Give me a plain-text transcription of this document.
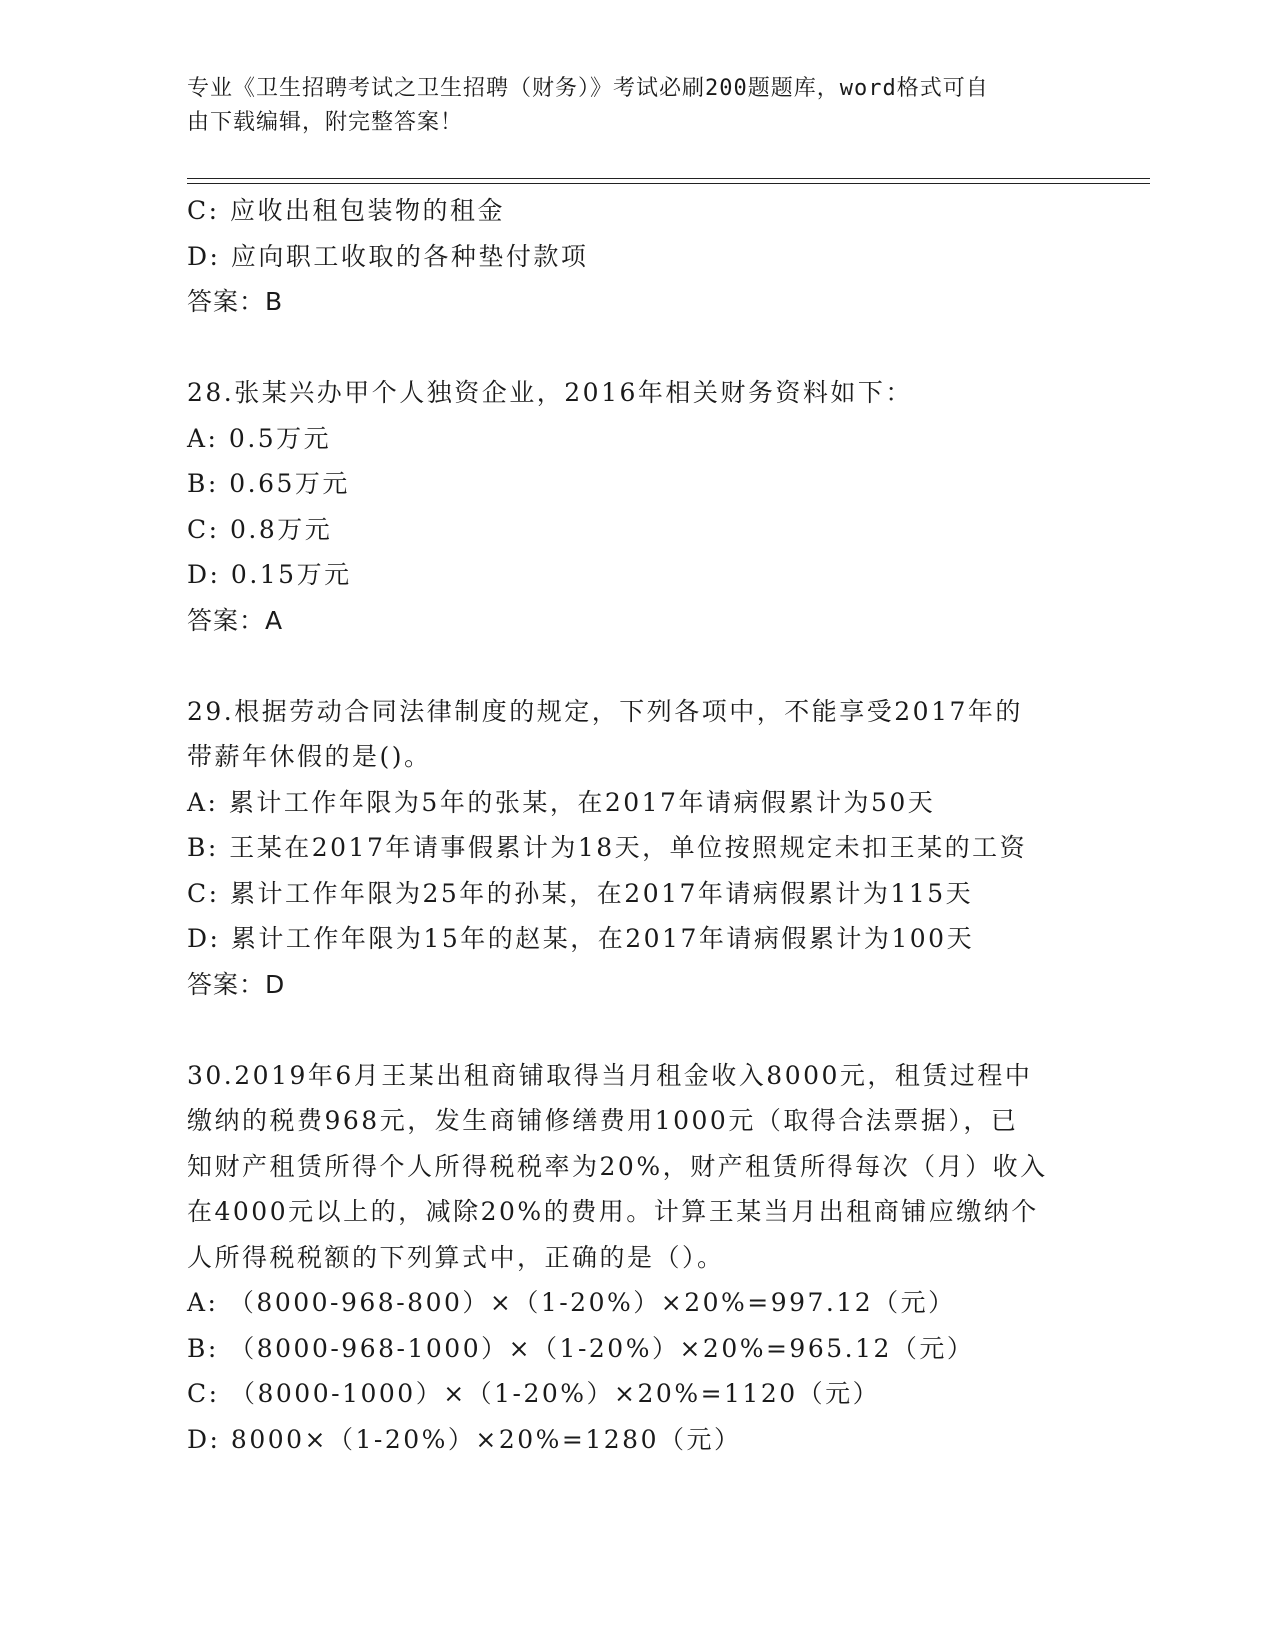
专业《卫生招聘考试之卫生招聘（财务）》考试必刷200题题库，word格式可自
由下载编辑，附完整答案！
C: 应收出租包装物的租金
D: 应向职工收取的各种垫付款项
答案：B
28.张某兴办甲个人独资企业，2016年相关财务资料如下：
A: 0.5万元
B: 0.65万元
C: 0.8万元
D: 0.15万元
答案：A
29.根据劳动合同法律制度的规定，下列各项中，不能享受2017年的
带薪年休假的是()。
A: 累计工作年限为5年的张某，在2017年请病假累计为50天
B: 王某在2017年请事假累计为18天，单位按照规定未扣王某的工资
C: 累计工作年限为25年的孙某，在2017年请病假累计为115天
D: 累计工作年限为15年的赵某，在2017年请病假累计为100天
答案：D
30.2019年6月王某出租商铺取得当月租金收入8000元，租赁过程中
缴纳的税费968元，发生商铺修缮费用1000元（取得合法票据），已
知财产租赁所得个人所得税税率为20%，财产租赁所得每次（月）收入
在4000元以上的，减除20%的费用。计算王某当月出租商铺应缴纳个
人所得税税额的下列算式中，正确的是（）。
A: （8000-968-800）×（1-20%）×20%=997.12（元）
B: （8000-968-1000）×（1-20%）×20%=965.12（元）
C: （8000-1000）×（1-20%）×20%=1120（元）
D: 8000×（1-20%）×20%=1280（元）
